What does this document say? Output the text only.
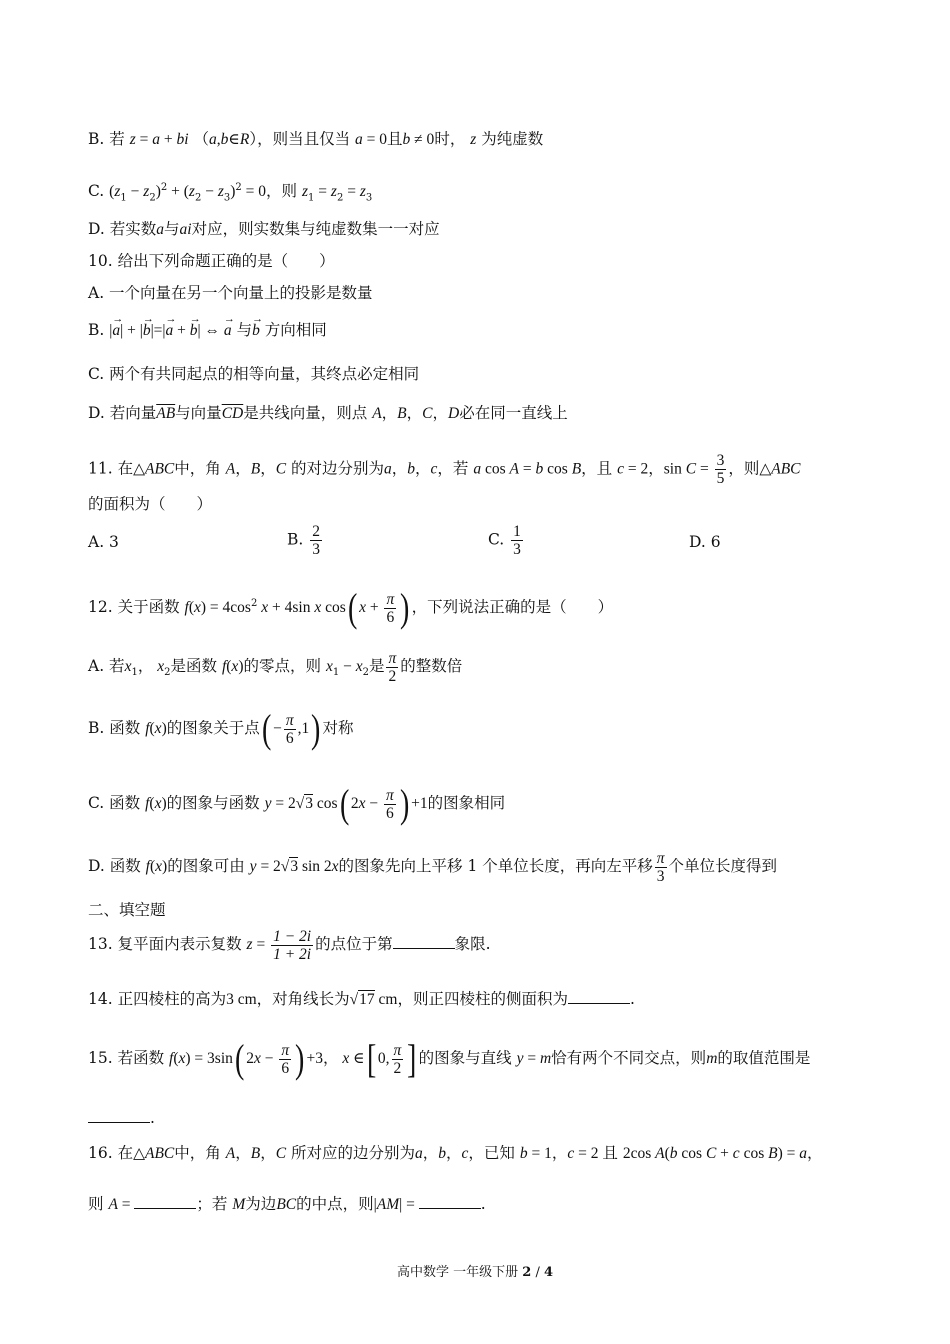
B. 若 z = a + bi （a,b∈R），则当且仅当 a = 0且b ≠ 0时， z 为纯虚数
C. $(z_1 - z_2)^2 + (z_2 - z_3)^2 = 0$，则 $z_1 = z_2 = z_3$
D. 若实数a与ai对应，则实数集与纯虚数集一一对应
10. 给出下列命题正确的是（　　）
A. 一个向量在另一个向量上的投影是数量
B. |→ a| + |→ b|=|→ a + → b| ⇔ → a 与→ b 方向相同
C. 两个有共同起点的相等向量，其终点必定相同
D. 若向量$\overline{AB}$与向量$\overline{CD}$是共线向量，则点 A，B，C，D必在同一直线上
11. 在△ABC中，角 A，B，C 的对边分别为a，b，c，若 a cos A = b cos B，且 c = 2，$\sin C = \frac{3}{5}$ ，则△ABC
的面积为（　　）
A. 3	B. $\frac{2}{3}$	C. $\frac{1}{3}$	D. 6
12. 关于函数 $f(x) = 4\cos^2$ x + 4sin x cos( $x + \frac{\pi}{6}$ ) ，下列说法正确的是（　　）
A. 若$x_1$， $x_2$是函数 f(x)的零点，则 $x_1 - x_2$是 $\frac{\pi}{2}$ 的整数倍
B. 函数 f(x)的图象关于点( − $\frac{\pi}{6} ,1$) 对称
C. 函数 f(x)的图象与函数 y = 2√3 cos( $2x - \frac{\pi}{6}$ ) +1的图象相同
D. 函数 f(x)的图象可由 y = 2√3 sin 2x的图象先向上平移 1 个单位长度，再向左平移 $\frac{\pi}{3}$ 个单位长度得到
二、填空题
13. 复平面内表示复数 $z = \frac{1 - 2i}{1 + 2i}$ 的点位于第	象限.
14. 正四棱柱的高为3 cm，对角线长为√17 cm，则正四棱柱的侧面积为	.
15. 若函数 f(x) = 3sin( $2x - \frac{\pi}{6}$ ) +3， x ∈[ 0, $\frac{\pi}{2}$ ] 的图象与直线 y = m恰有两个不同交点，则m的取值范围是
.
16. 在△ABC中，角 A，B，C 所对应的边分别为a，b，c，已知 b = 1，c = 2 且 2cos A(b cos C + c cos B) = a，
则 A =	；若 M为边BC的中点，则|AM| =	.
高中数学 一年级下册 2 / 4
